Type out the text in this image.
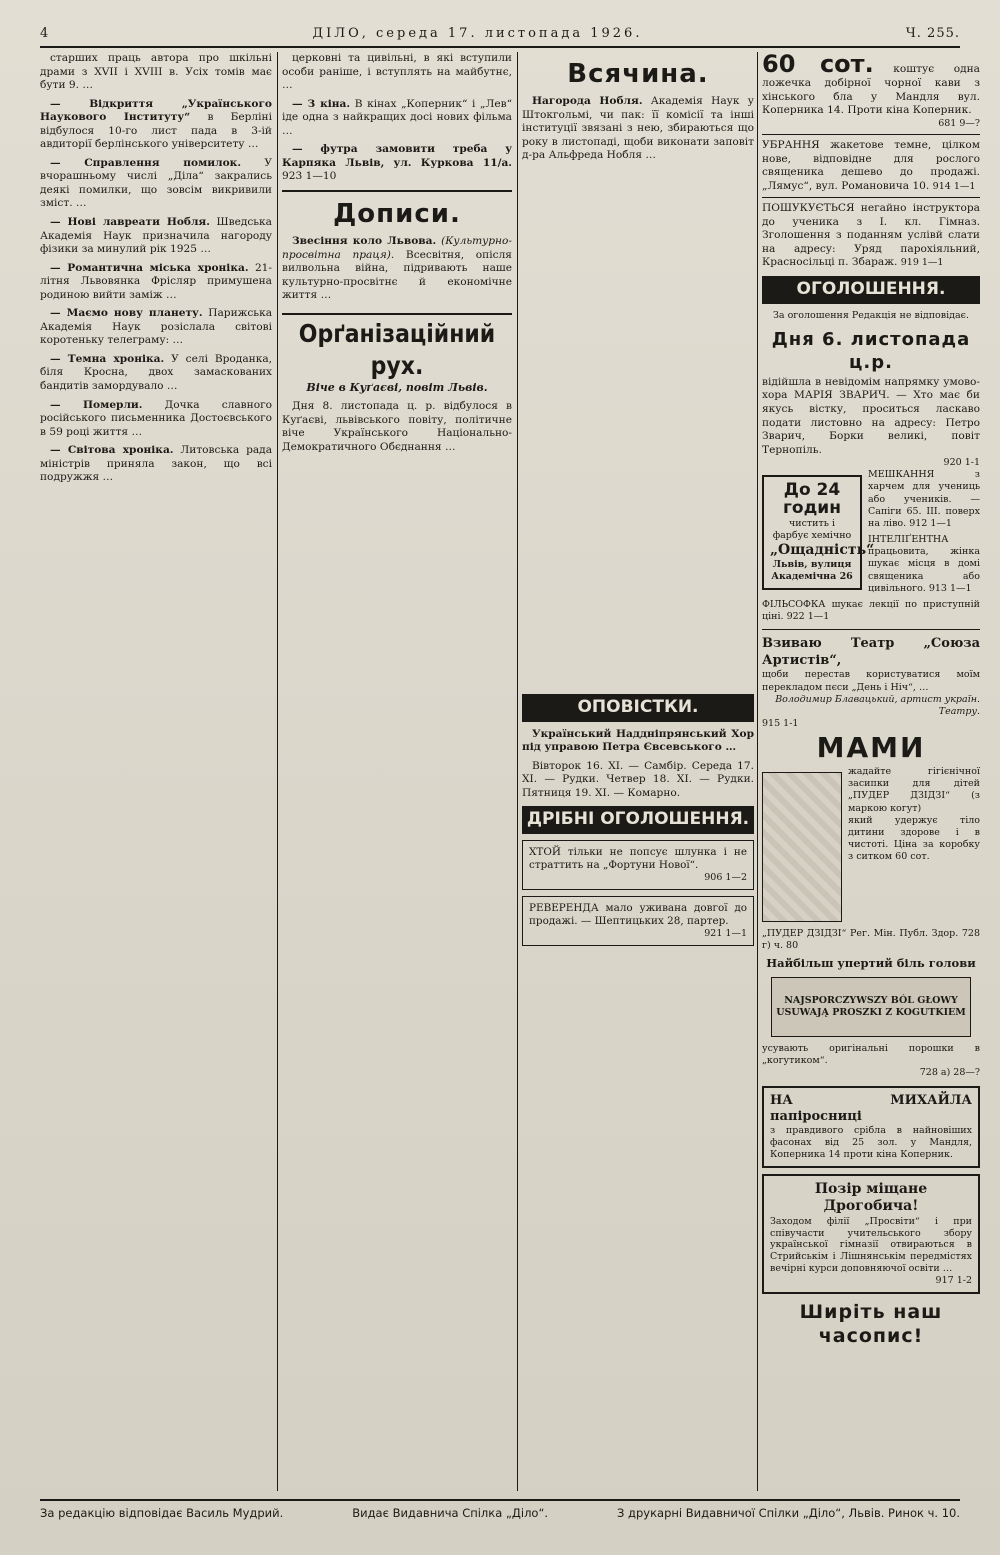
4	ДІЛО, середа 17. листопада 1926.	Ч. 255.

старших праць автора про шкільні драми з XVII і XVIII в. Усіх томів має бути 9. …

— Відкриття „Українського Наукового Інституту“ в Берліні відбулося 10-го лист пада в 3-ій авдиторії берлінського університету …

— Справлення помилок. У вчорашньому числі „Діла“ закрались деякі помилки, що зовсім викривили зміст. …

— Нові лавреати Нобля. Шведська Академія Наук призначила нагороду фізики за минулий рік 1925 …

— Романтична міська хроніка. 21-літня Львовянка Фрісляр примушена родиною вийти заміж …

— Маємо нову планету. Парижська Академія Наук розіслала світові коротеньку телеграму: …

— Темна хроніка. У селі Вроданка, біля Кросна, двох замаскованих бандитів замордувало …

— Померли. Дочка славного російського письменника Достоєвського в 59 році життя …

— Світова хроніка. Литовська рада міністрів приняла закон, що всі подружжя …

церковні та цивільні, в які вступили особи раніше, і вступлять на майбутнє, …

— З кіна. В кінах „Коперник“ і „Лев“ іде одна з найкращих досі нових фільма …

— футра замовити треба у Карпяка Львів, ул. Куркова 11/а. 923 1—10

Дописи.

Звесіння коло Львова. (Культурно-просвітна праця). Всесвітня, опісля вилвольна війна, підривають наше культурно-просвітнє й економічне життя …

Орґанізаційний рух.
Віче в Куґаєві, повіт Львів.

Дня 8. листопада ц. р. відбулося в Куґаєві, львівського повіту, політичне віче Українського Національно-Демократичного Обєднання …

Всячина.

Нагорода Нобля. Академія Наук у Штокгольмі, чи пак: її комісії та інші інституції звязані з нею, збираються що року в листопаді, щоби виконати заповіт д-ра Альфреда Нобля …

ОПОВІСТКИ.

Український Наддніпрянський Хор під управою Петра Євсевського …

Вівторок 16. XI. — Самбір. Середа 17. XI. — Рудки. Четвер 18. XI. — Рудки. Пятниця 19. XI. — Комарно.

ДРІБНІ ОГОЛОШЕННЯ.
ХТОЙ тільки не попсує шлунка і не страттить на „Фортуни Нової“.
906 1—2
РЕВЕРЕНДА мало уживана довгої до продажі. — Шептицьких 28, партер.
921 1—1
60 сот. коштує одна ложечка добірної чорної кави з хінського бла у Мандля вул. Коперника 14. Проти кіна Коперник.
681 9—?
УБРАННЯ жакетове темне, цілком нове, відповідне для рослого священика дешево до продажі. „Лямус“, вул. Романовича 10. 914 1—1
ПОШУКУЄТЬСЯ негайно інструктора до ученика з I. кл. Гімназ. Зголошення з поданням услівй слати на адресу: Уряд парохіяльний, Красносільці п. Збараж. 919 1—1
ОГОЛОШЕННЯ.
За оголошення Редакція не відповідає.
Дня 6. листопада ц.р.
відійшла в невідомім напрямку умово-хора МАРІЯ ЗВАРИЧ. — Хто має би якусь вістку, проситься ласкаво подати листовно на адресу: Петро Зварич, Борки великі, повіт Тернопіль.
920 1-1
До 24 годин
чистить і фарбує хемічно
„Ощадність“
Львів, вулиця Академічна 26
МЕШКАННЯ з харчем для учениць або учеників. — Сапіги 65. III. поверх на ліво. 912 1—1
ІНТЕЛІҐЕНТНА працьовита, жінка шукає місця в домі священика або цивільного. 913 1—1
ФІЛЬСОФКА шукає лекції по приступній ціні. 922 1—1
Взиваю Театр „Союза Артистів“,
щоби перестав користуватися моїм перекладом пєси „День і Ніч“, …
Володимир Блавацький, артист україн. Театру.
915 1-1
МАМИ
жадайте гігієнічної засипки для дітей „ПУДЕР ДЗІДЗІ“ (з маркою когут)
який удержує тіло дитини здорове і в чистоті. Ціна за коробку з ситком 60 сот.
„ПУДЕР ДЗІДЗІ“ Рег. Мін. Публ. Здор. 728 г) ч. 80
Найбільш упертий біль голови
NAJSPORCZYWSZY BÓL GŁOWY USUWAJĄ PROSZKI Z KOGUTKIEM
усувають оригінальні порошки в „когутиком“.
728 а) 28—?
НА МИХАЙЛА папіросниці
з правдивого срібла в найновіших фасонах від 25 зол. у Мандля, Коперника 14 проти кіна Коперник.
Позір міщане Дрогобича!
Заходом філії „Просвіти“ і при співучасти учительського збору української гімназії отвираються в Стрийськім і Лішнянськім передмістях вечірні курси доповняючої освіти …
917 1-2
Ширіть наш часопис!
За редакцію відповідає Василь Мудрий.	Видає Видавнича Спілка „Діло“.	З друкарні Видавничої Спілки „Діло“, Львів. Ринок ч. 10.
